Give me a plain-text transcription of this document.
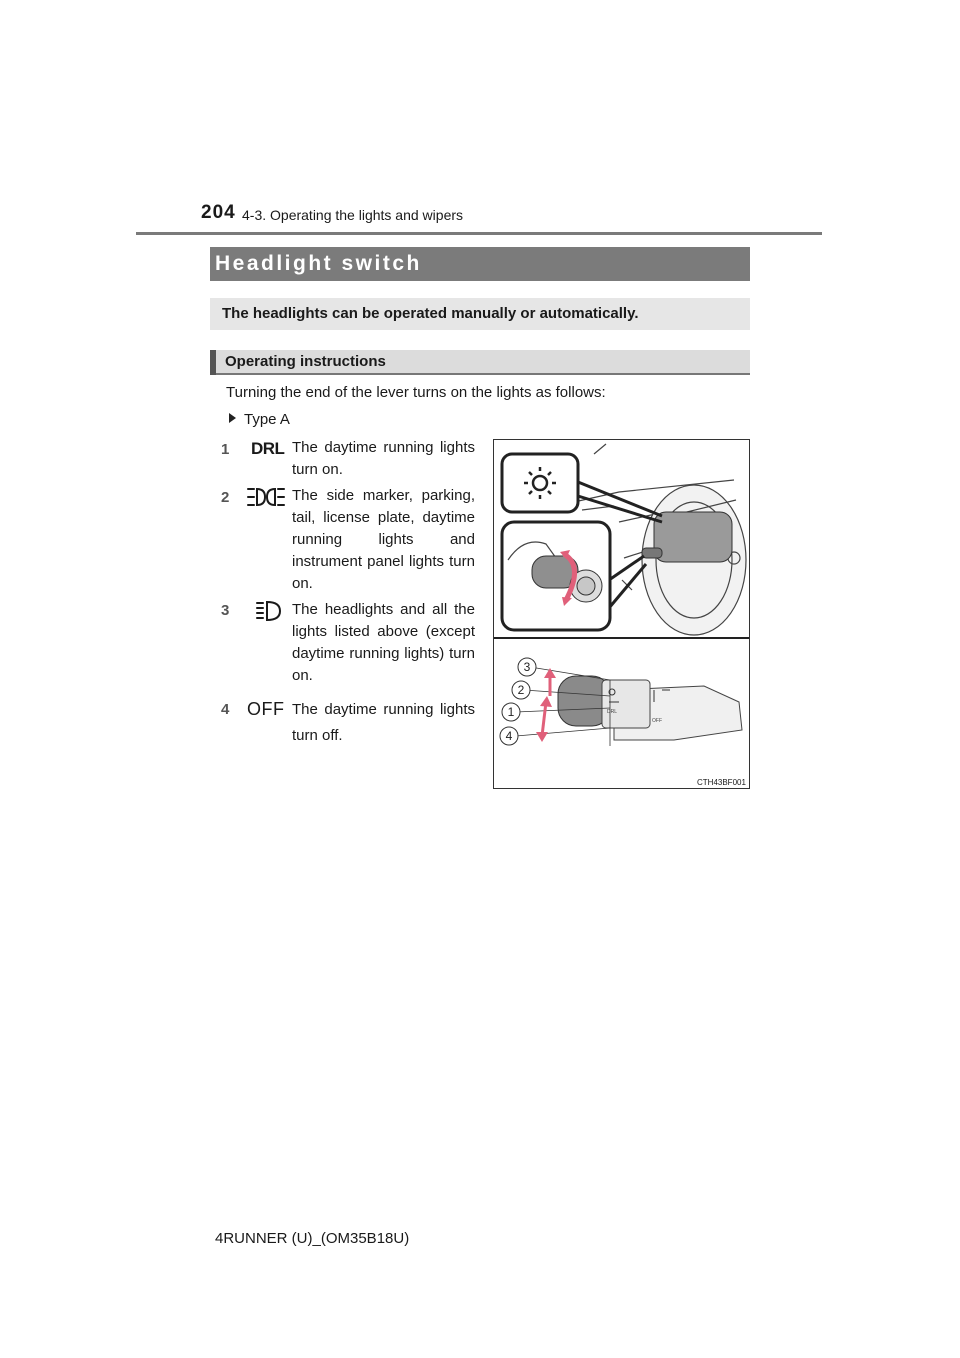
204 4-3. Operating the lights and wipers
Headlight switch
The headlights can be operated manually or automatically.
Operating instructions
Turning the end of the lever turns on the lights as follows:
Type A
1 DRL The daytime running lights turn on.
2	The side marker, parking, tail, license plate, daytime running lights and instrument panel lights turn on.
3	The headlights and all the lights listed above (except daytime running lights) turn on.
4 OFF The daytime running lights turn off.
DRL
OFF
3
2
1
4
CTH43BF001
4RUNNER (U)_(OM35B18U)
